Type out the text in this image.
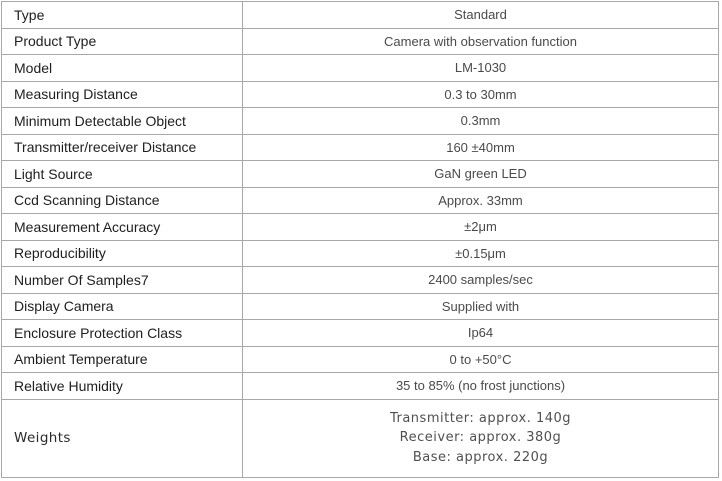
Type	Standard
Product Type	Camera with observation function
Model	LM-1030
Measuring Distance	0.3 to 30mm
Minimum Detectable Object	0.3mm
Transmitter/receiver Distance	160 ±40mm
Light Source	GaN green LED
Ccd Scanning Distance	Approx. 33mm
Measurement Accuracy	±2μm
Reproducibility	±0.15μm
Number Of Samples7	2400 samples/sec
Display Camera	Supplied with
Enclosure Protection Class	Ip64
Ambient Temperature	0 to +50°C
Relative Humidity	35 to 85% (no frost junctions)
Weights	Transmitter: approx. 140g
Receiver: approx. 380g
Base: approx. 220g
